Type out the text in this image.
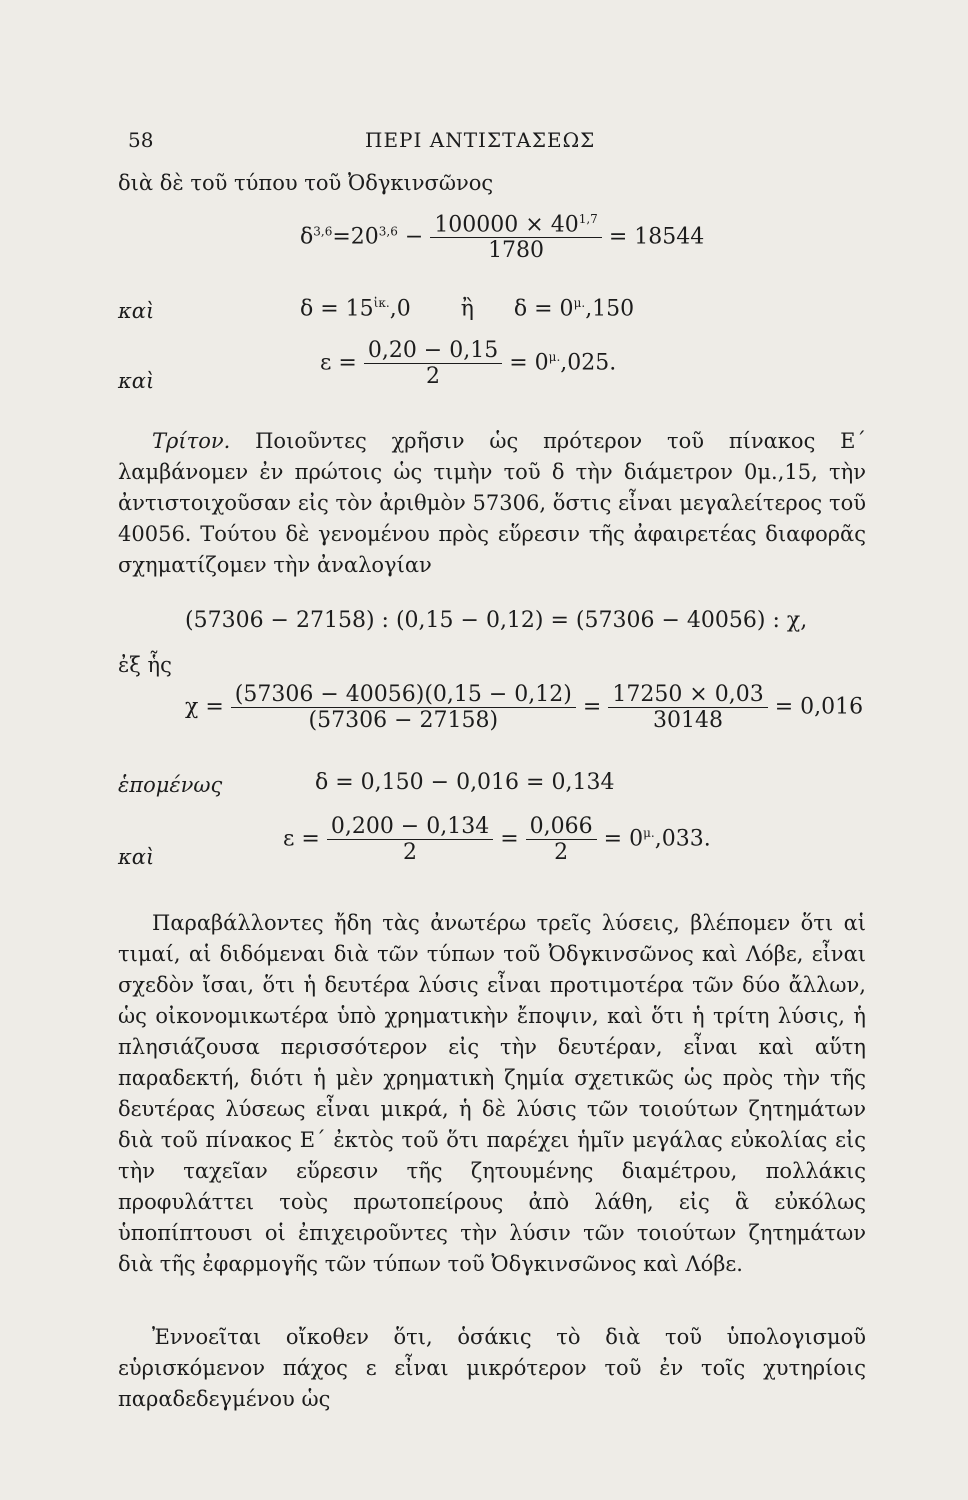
58	ΠΕΡΙ ΑΝΤΙΣΤΑΣΕΩΣ
διὰ δὲ τοῦ τύπου τοῦ Ὀδγκινσῶνος
$\delta^{3,6}=20^{3,6} - \frac{100000 \times 40^{1,7}}{1780} = 18544$
καὶ	$\delta = 15^{ἰ\kappa.},0$ ἢ $\delta = 0^{\mu.},150$
καὶ
$\varepsilon = \frac{0,20 - 0,15}{2} = 0^{\mu.},025$.
Τρίτον. Ποιοῦντες χρῆσιν ὡς πρότερον τοῦ πίνακος Ε΄ λαμβάνομεν ἐν πρώτοις ὡς τιμὴν τοῦ δ τὴν διάμετρον 0μ.,15, τὴν ἀντιστοιχοῦσαν εἰς τὸν ἀριθμὸν 57306, ὅστις εἶναι μεγαλείτερος τοῦ 40056. Τούτου δὲ γενομένου πρὸς εὕρεσιν τῆς ἀφαιρετέας διαφορᾶς σχηματίζομεν τὴν ἀναλογίαν
(57306 − 27158) : (0,15 − 0,12) = (57306 − 40056) : χ,
ἐξ ἧς
$\chi = \frac{(57306 - 40056)(0,15 - 0,12)}{(57306 - 27158)} = \frac{17250 \times 0,03}{30148} = 0,016$
ἑπομένως	δ = 0,150 − 0,016 = 0,134
καὶ
$\varepsilon = \frac{0,200 - 0,134}{2} = \frac{0,066}{2} = 0^{\mu.},033$.
Παραβάλλοντες ἤδη τὰς ἀνωτέρω τρεῖς λύσεις, βλέπομεν ὅτι αἱ τιμαί, αἱ διδόμεναι διὰ τῶν τύπων τοῦ Ὀδγκινσῶνος καὶ Λόβε, εἶναι σχεδὸν ἴσαι, ὅτι ἡ δευτέρα λύσις εἶναι προτιμοτέρα τῶν δύο ἄλλων, ὡς οἰκονομικωτέρα ὑπὸ χρηματικὴν ἔποψιν, καὶ ὅτι ἡ τρίτη λύσις, ἡ πλησιάζουσα περισσότερον εἰς τὴν δευτέραν, εἶναι καὶ αὕτη παραδεκτή, διότι ἡ μὲν χρηματικὴ ζημία σχετικῶς ὡς πρὸς τὴν τῆς δευτέρας λύσεως εἶναι μικρά, ἡ δὲ λύσις τῶν τοιούτων ζητημάτων διὰ τοῦ πίνακος Ε΄ ἐκτὸς τοῦ ὅτι παρέχει ἡμῖν μεγάλας εὐκολίας εἰς τὴν ταχεῖαν εὕρεσιν τῆς ζητουμένης διαμέτρου, πολλάκις προφυλάττει τοὺς πρωτοπείρους ἀπὸ λάθη, εἰς ἃ εὐκόλως ὑποπίπτουσι οἱ ἐπιχειροῦντες τὴν λύσιν τῶν τοιούτων ζητημάτων διὰ τῆς ἐφαρμογῆς τῶν τύπων τοῦ Ὀδγκινσῶνος καὶ Λόβε.
Ἐννοεῖται οἴκοθεν ὅτι, ὁσάκις τὸ διὰ τοῦ ὑπολογισμοῦ εὑρισκόμενον πάχος ε εἶναι μικρότερον τοῦ ἐν τοῖς χυτηρίοις παραδεδεγμένου ὡς
